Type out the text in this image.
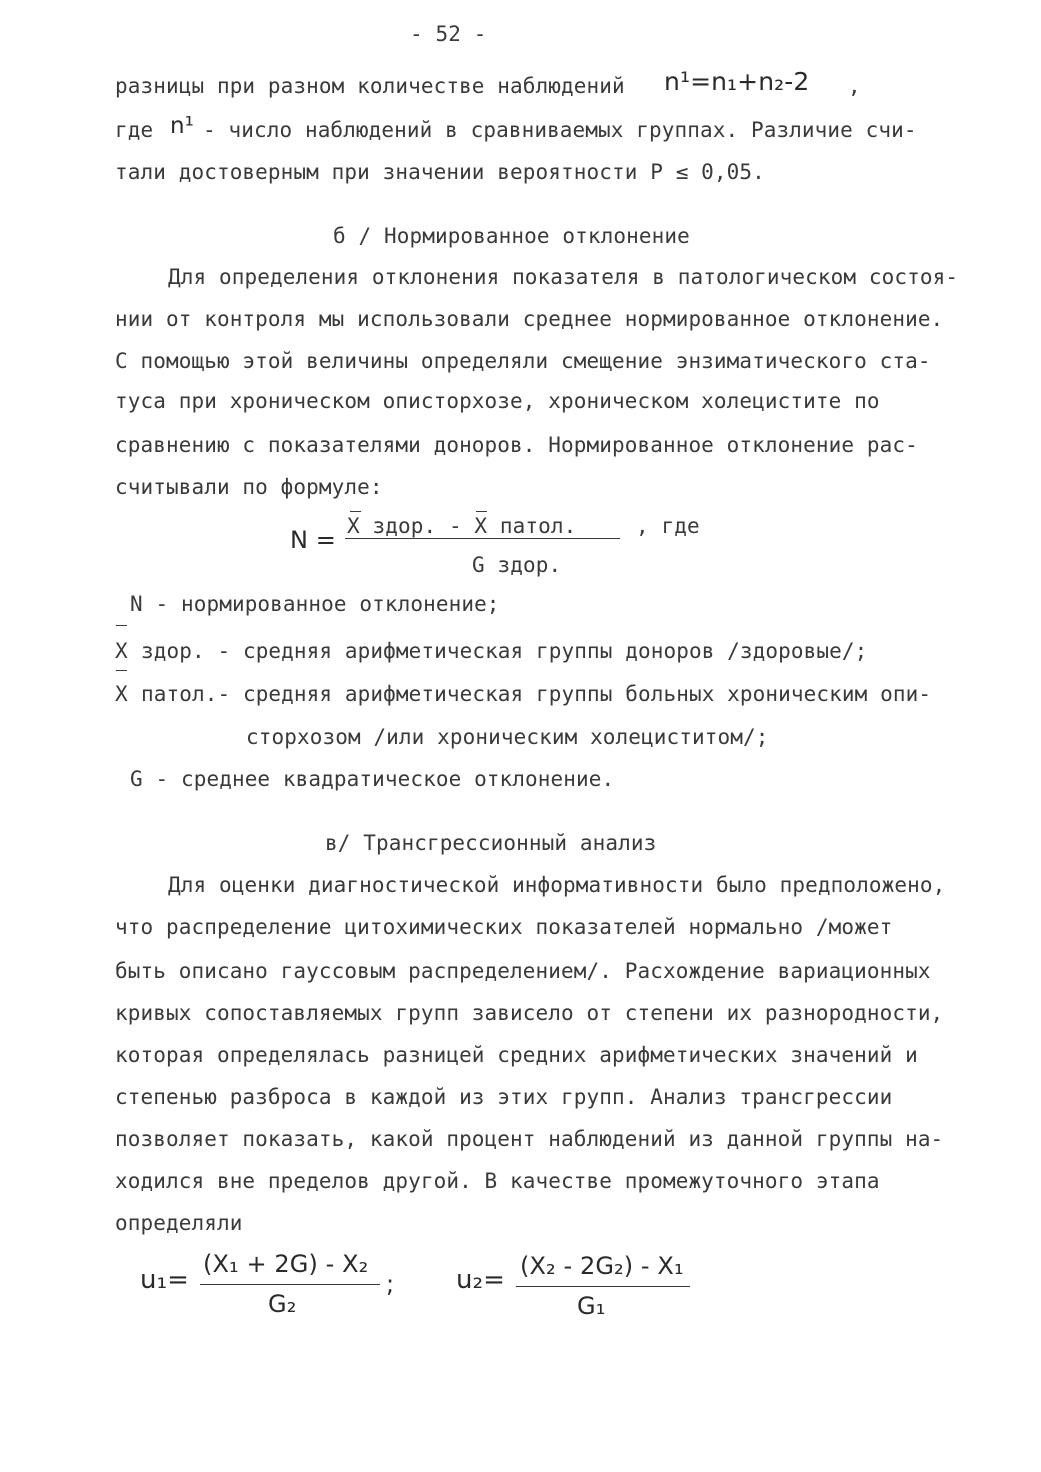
- 52 -
разницы при разном количестве наблюдений n¹=n₁+n₂-2 ,
где n¹ - число наблюдений в сравниваемых группах. Различие счи-
тали достоверным при значении вероятности P ≤ 0,05.
б / Нормированное отклонение
Для определения отклонения показателя в патологическом состоя-
нии от контроля мы использовали среднее нормированное отклонение.
С помощью этой величины определяли смещение энзиматического ста-
туса при хроническом описторхозе, хроническом холецистите по
сравнению с показателями доноров. Нормированное отклонение рас-
считывали по формуле:
N = X здор. - X патол.	, где
G здор.
N - нормированное отклонение;
X здор. - средняя арифметическая группы доноров /здоровые/;
X патол.- средняя арифметическая группы больных хроническим опи-
сторхозом /или хроническим холециститом/;
G - среднее квадратическое отклонение.
в/ Трансгрессионный анализ
Для оценки диагностической информативности было предположено,
что распределение цитохимических показателей нормально /может
быть описано гауссовым распределением/. Расхождение вариационных
кривых сопоставляемых групп зависело от степени их разнородности,
которая определялась разницей средних арифметических значений и
степенью разброса в каждой из этих групп. Анализ трансгрессии
позволяет показать, какой процент наблюдений из данной группы на-
ходился вне пределов другой. В качестве промежуточного этапа
определяли
u₁=
(X₁ + 2G) - X₂
G₂
; u₂= (X₂ - 2G₂) - X₁
G₁
